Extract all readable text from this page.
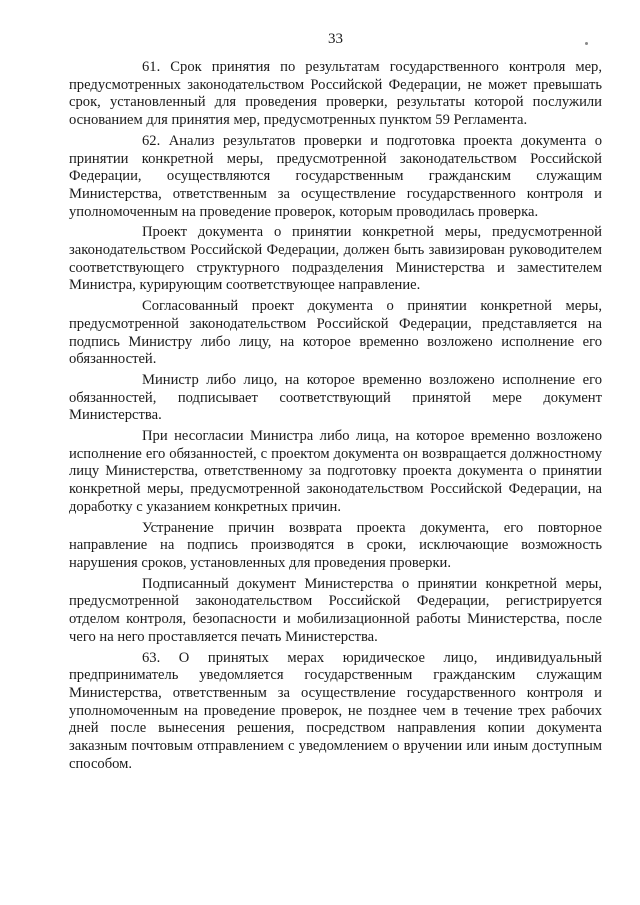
33

61. Срок принятия по результатам государственного контроля мер, предусмотренных законодательством Российской Федерации, не может превышать срок, установленный для проведения проверки, результаты которой послужили основанием для принятия мер, предусмотренных пунктом 59 Регламента.

62. Анализ результатов проверки и подготовка проекта документа о принятии конкретной меры, предусмотренной законодательством Российской Федерации, осуществляются государственным гражданским служащим Министерства, ответственным за осуществление государственного контроля и уполномоченным на проведение проверок, которым проводилась проверка.

Проект документа о принятии конкретной меры, предусмотренной законодательством Российской Федерации, должен быть завизирован руководителем соответствующего структурного подразделения Министерства и заместителем Министра, курирующим соответствующее направление.

Согласованный проект документа о принятии конкретной меры, предусмотренной законодательством Российской Федерации, представляется на подпись Министру либо лицу, на которое временно возложено исполнение его обязанностей.

Министр либо лицо, на которое временно возложено исполнение его обязанностей, подписывает соответствующий принятой мере документ Министерства.

При несогласии Министра либо лица, на которое временно возложено исполнение его обязанностей, с проектом документа он возвращается должностному лицу Министерства, ответственному за подготовку проекта документа о принятии конкретной меры, предусмотренной законодательством Российской Федерации, на доработку с указанием конкретных причин.

Устранение причин возврата проекта документа, его повторное направление на подпись производятся в сроки, исключающие возможность нарушения сроков, установленных для проведения проверки.

Подписанный документ Министерства о принятии конкретной меры, предусмотренной законодательством Российской Федерации, регистрируется отделом контроля, безопасности и мобилизационной работы Министерства, после чего на него проставляется печать Министерства.

63. О принятых мерах юридическое лицо, индивидуальный предприниматель уведомляется государственным гражданским служащим Министерства, ответственным за осуществление государственного контроля и уполномоченным на проведение проверок, не позднее чем в течение трех рабочих дней после вынесения решения, посредством направления копии документа заказным почтовым отправлением с уведомлением о вручении или иным доступным способом.
